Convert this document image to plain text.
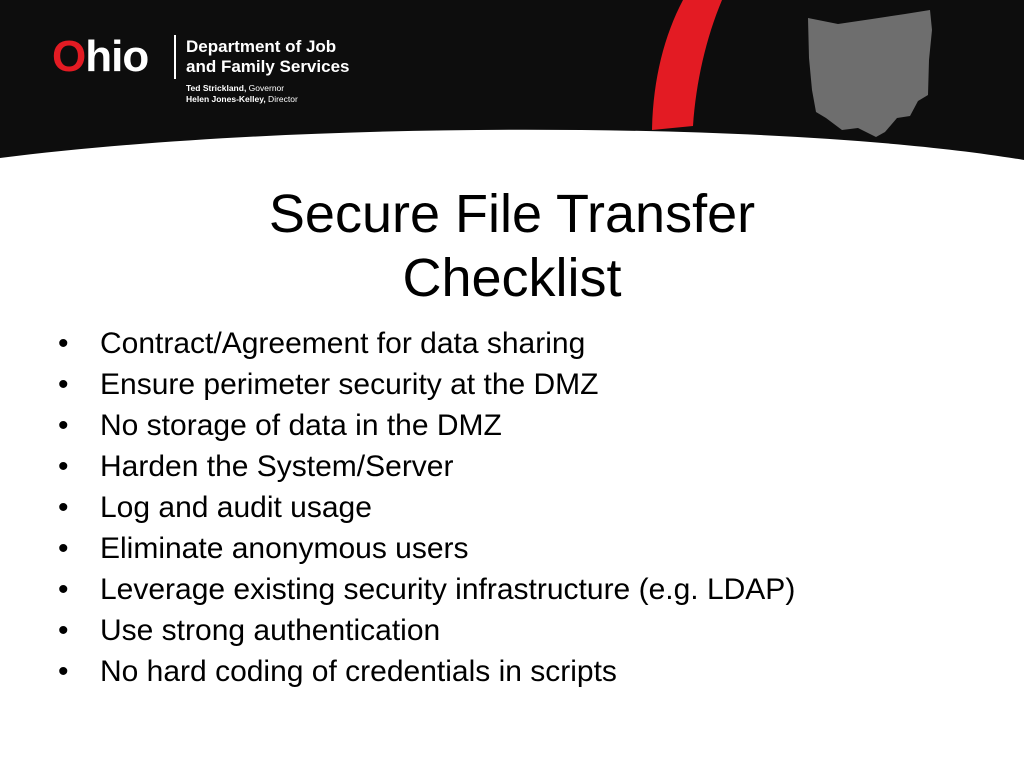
Ohio Department of Job
and Family Services
Ted Strickland, Governor
Helen Jones-Kelley, Director
Secure File Transfer
Checklist
• Contract/Agreement for data sharing
• Ensure perimeter security at the DMZ
• No storage of data in the DMZ
• Harden the System/Server
• Log and audit usage
• Eliminate anonymous users
• Leverage existing security infrastructure (e.g. LDAP)
• Use strong authentication
• No hard coding of credentials in scripts
